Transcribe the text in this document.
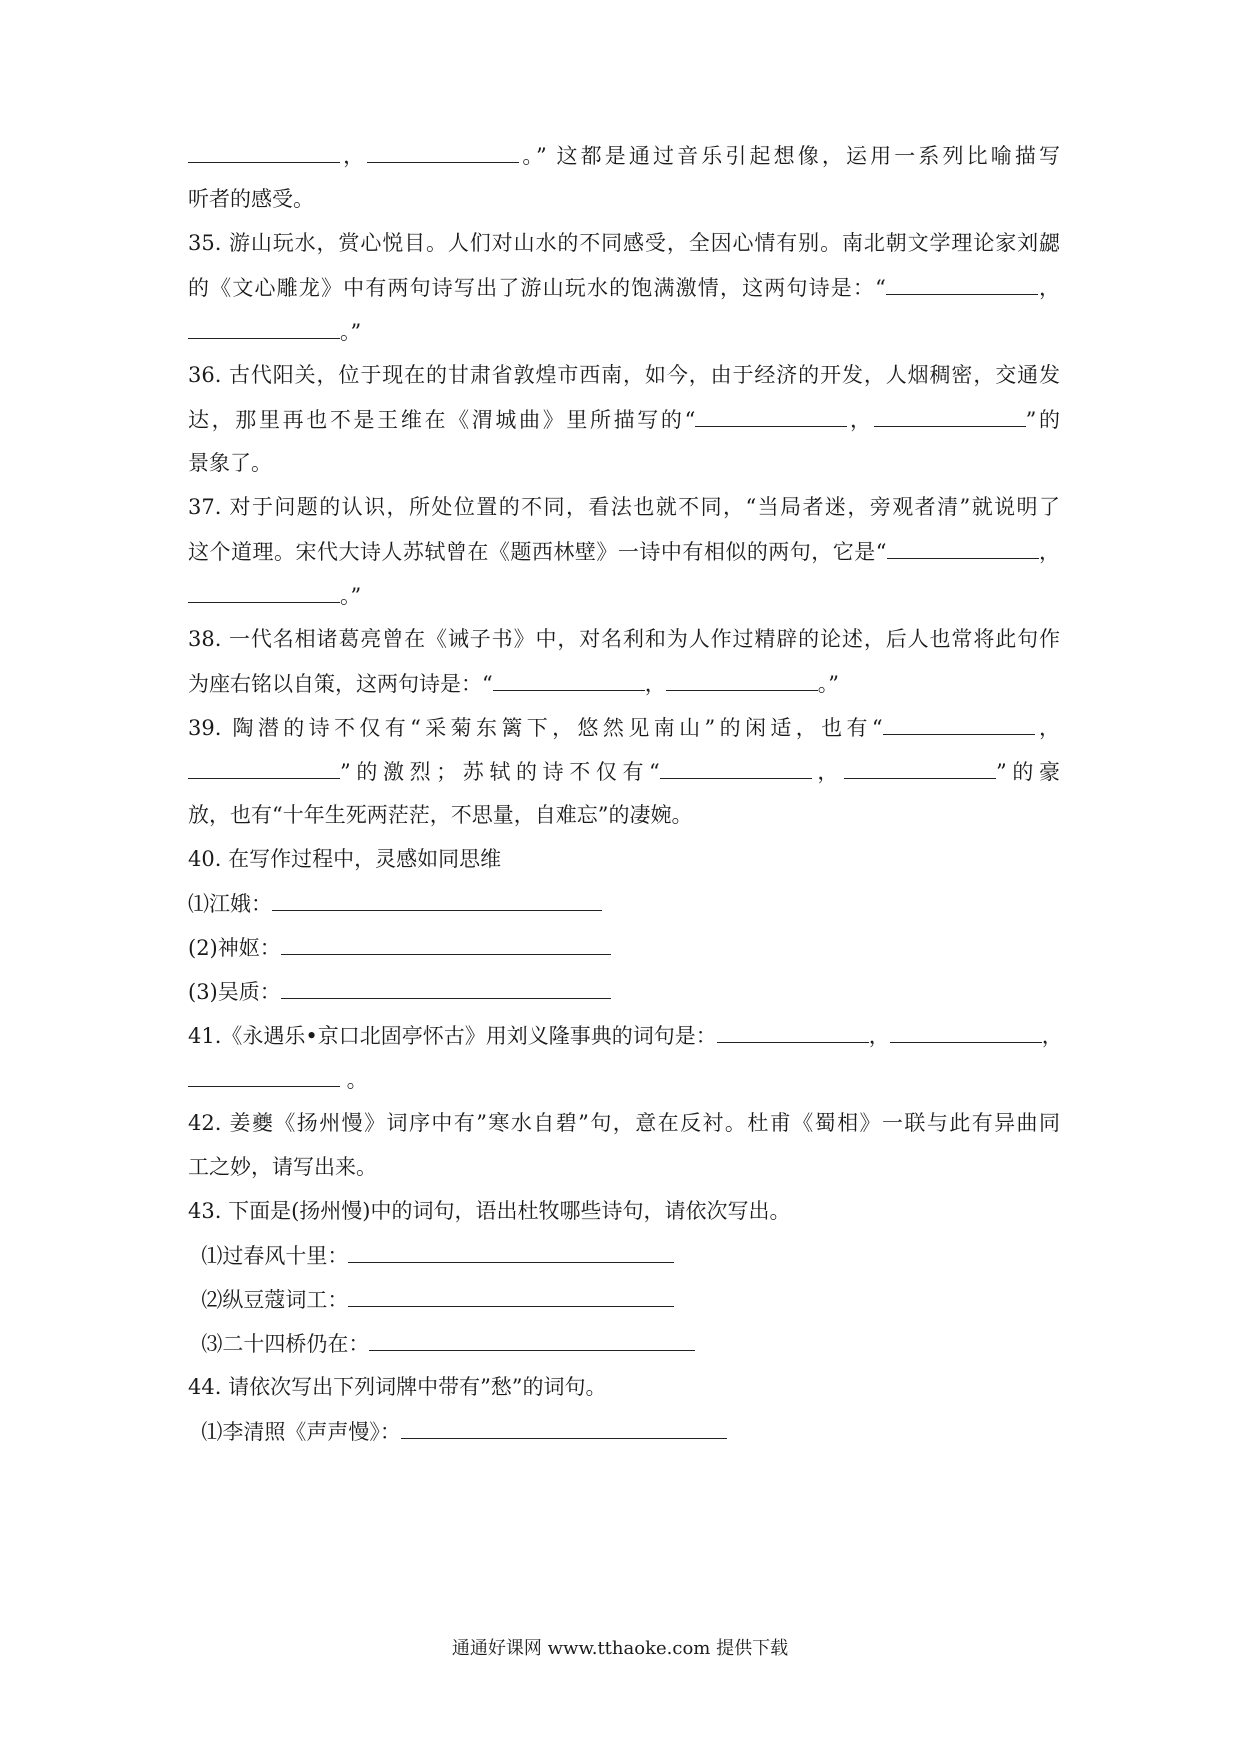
，	。” 这都是通过音乐引起想像，运用一系列比喻描写
听者的感受。
35. 游山玩水，赏心悦目。人们对山水的不同感受，全因心情有别。南北朝文学理论家刘勰
的《文心雕龙》中有两句诗写出了游山玩水的饱满激情，这两句诗是：“	，
。”
36. 古代阳关，位于现在的甘肃省敦煌市西南，如今，由于经济的开发，人烟稠密，交通发
达，那里再也不是王维在《渭城曲》里所描写的“	，	”的
景象了。
37. 对于问题的认识，所处位置的不同，看法也就不同，“当局者迷，旁观者清”就说明了
这个道理。宋代大诗人苏轼曾在《题西林壁》一诗中有相似的两句，它是“	，
。”
38. 一代名相诸葛亮曾在《诫子书》中，对名利和为人作过精辟的论述，后人也常将此句作
为座右铭以自策，这两句诗是：“	，	。”
39. 陶潜的诗不仅有“采菊东篱下，悠然见南山”的闲适，也有“	，
”的激烈；苏轼的诗不仅有“	，	”的豪
放，也有“十年生死两茫茫，不思量，自难忘”的凄婉。
40. 在写作过程中，灵感如同思维
⑴江娥：
(2)神妪：
(3)吴质：
41.《永遇乐•京口北固亭怀古》用刘义隆事典的词句是：	，	，
。
42. 姜夔《扬州慢》词序中有”寒水自碧”句，意在反衬。杜甫《蜀相》一联与此有异曲同
工之妙，请写出来。
43. 下面是(扬州慢)中的词句，语出杜牧哪些诗句，请依次写出。
⑴过春风十里：
⑵纵豆蔻词工：
⑶二十四桥仍在：
44. 请依次写出下列词牌中带有”愁”的词句。
⑴李清照《声声慢》：
通通好课网 www.tthaoke.com 提供下载
